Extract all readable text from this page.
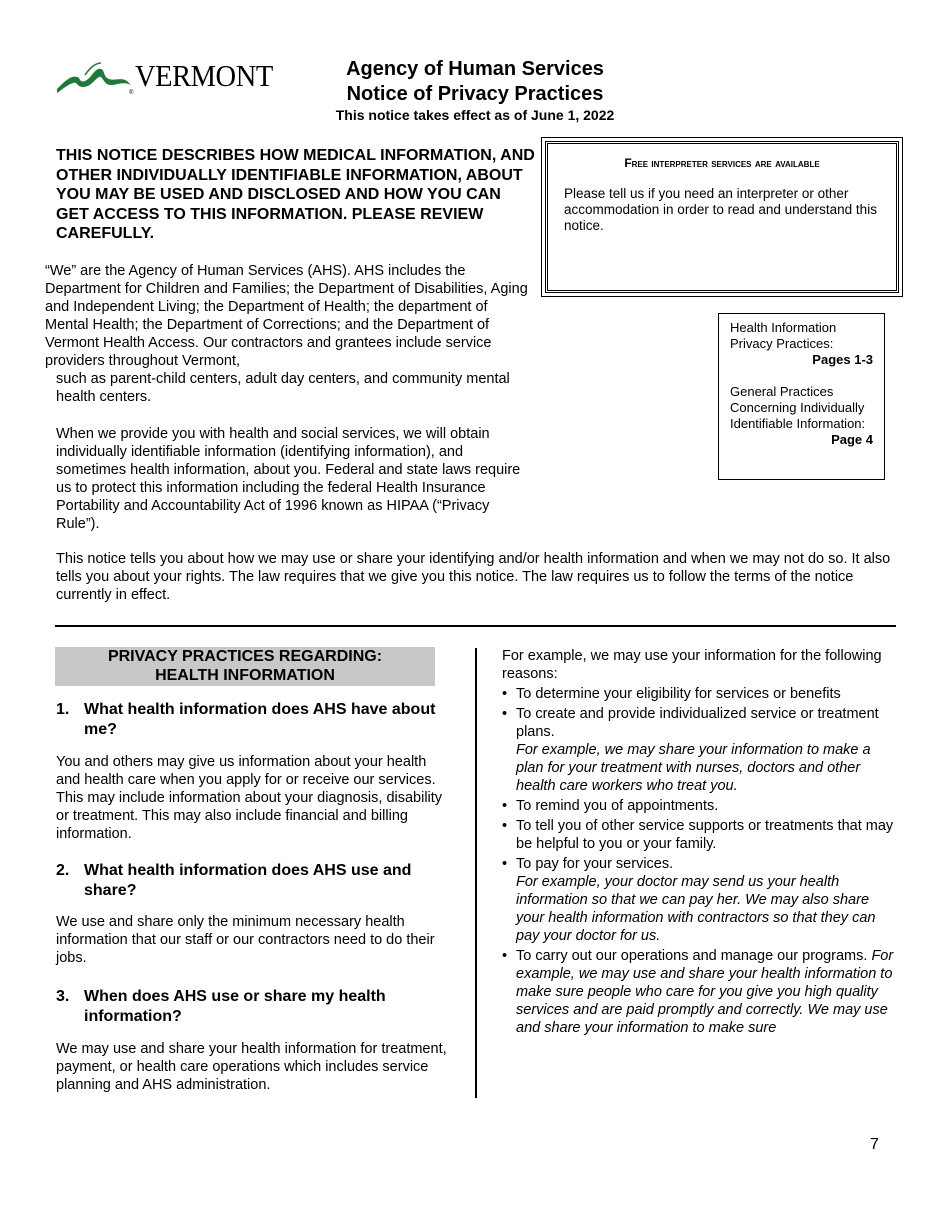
® VERMONT	Agency of Human Services
Notice of Privacy Practices
This notice takes effect as of June 1, 2022
THIS NOTICE DESCRIBES HOW MEDICAL INFORMATION, AND OTHER INDIVIDUALLY IDENTIFIABLE INFORMATION, ABOUT YOU MAY BE USED AND DISCLOSED AND HOW YOU CAN GET ACCESS TO THIS INFORMATION. PLEASE REVIEW CAREFULLY.
Free interpreter services are available
Please tell us if you need an interpreter or other accommodation in order to read and understand this notice.
“We” are the Agency of Human Services (AHS). AHS includes the Department for Children and Families; the Department of Disabilities, Aging and Independent Living; the Department of Health; the department of Mental Health; the Department of Corrections; and the Department of Vermont Health Access. Our contractors and grantees include service providers throughout Vermont,
such as parent-child centers, adult day centers, and community mental health centers.
When we provide you with health and social services, we will obtain individually identifiable information (identifying information), and sometimes health information, about you. Federal and state laws require us to protect this information including the federal Health Insurance Portability and Accountability Act of 1996 known as HIPAA (“Privacy Rule”).
Health Information Privacy Practices:
Pages 1-3
General Practices Concerning Individually Identifiable Information:
Page 4
This notice tells you about how we may use or share your identifying and/or health information and when we may not do so. It also tells you about your rights. The law requires that we give you this notice. The law requires us to follow the terms of the notice currently in effect.
PRIVACY PRACTICES REGARDING:
HEALTH INFORMATION
1. What health information does AHS have about me?
You and others may give us information about your health and health care when you apply for or receive our services. This may include information about your diagnosis, disability or treatment. This may also include financial and billing information.
2. What health information does AHS use and share?
We use and share only the minimum necessary health information that our staff or our contractors need to do their jobs.
3. When does AHS use or share my health information?
We may use and share your health information for treatment, payment, or health care operations which includes service planning and AHS administration.
For example, we may use your information for the following reasons:
• To determine your eligibility for services or benefits
• To create and provide individualized service or treatment plans.
For example, we may share your information to make a plan for your treatment with nurses, doctors and other health care workers who treat you.
• To remind you of appointments.
• To tell you of other service supports or treatments that may be helpful to you or your family.
• To pay for your services.
For example, your doctor may send us your health information so that we can pay her. We may also share your health information with contractors so that they can pay your doctor for us.
• To carry out our operations and manage our programs. For example, we may use and share your health information to make sure people who care for you give you high quality services and are paid promptly and correctly. We may use and share your information to make sure
7
